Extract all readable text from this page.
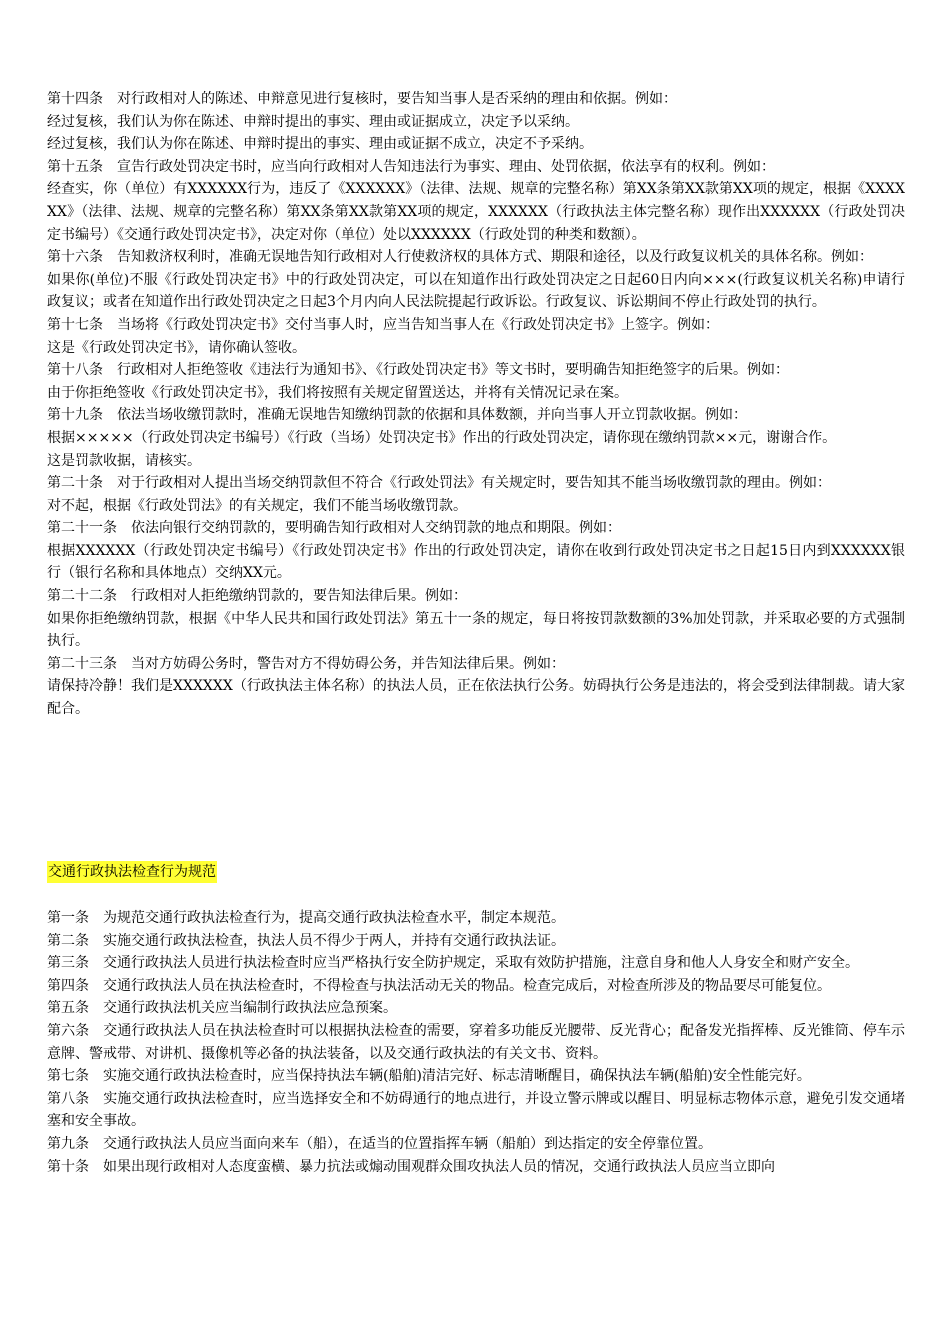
第十四条　对行政相对人的陈述、申辩意见进行复核时，要告知当事人是否采纳的理由和依据。例如：

经过复核，我们认为你在陈述、申辩时提出的事实、理由或证据成立，决定予以采纳。

经过复核，我们认为你在陈述、申辩时提出的事实、理由或证据不成立，决定不予采纳。

第十五条　宣告行政处罚决定书时，应当向行政相对人告知违法行为事实、理由、处罚依据，依法享有的权利。例如：

经查实，你（单位）有XXXXXX行为，违反了《XXXXXX》（法律、法规、规章的完整名称）第XX条第XX款第XX项的规定，根据《XXXXXX》（法律、法规、规章的完整名称）第XX条第XX款第XX项的规定，XXXXXX（行政执法主体完整名称）现作出XXXXXX（行政处罚决定书编号）《交通行政处罚决定书》，决定对你（单位）处以XXXXXX（行政处罚的种类和数额）。

第十六条　告知救济权利时，准确无误地告知行政相对人行使救济权的具体方式、期限和途径，以及行政复议机关的具体名称。例如：

如果你(单位)不服《行政处罚决定书》中的行政处罚决定，可以在知道作出行政处罚决定之日起60日内向×××(行政复议机关名称)申请行政复议；或者在知道作出行政处罚决定之日起3个月内向人民法院提起行政诉讼。行政复议、诉讼期间不停止行政处罚的执行。

第十七条　当场将《行政处罚决定书》交付当事人时，应当告知当事人在《行政处罚决定书》上签字。例如：

这是《行政处罚决定书》，请你确认签收。

第十八条　行政相对人拒绝签收《违法行为通知书》、《行政处罚决定书》等文书时，要明确告知拒绝签字的后果。例如：

由于你拒绝签收《行政处罚决定书》，我们将按照有关规定留置送达，并将有关情况记录在案。

第十九条　依法当场收缴罚款时，准确无误地告知缴纳罚款的依据和具体数额，并向当事人开立罚款收据。例如：

根据×××××（行政处罚决定书编号）《行政（当场）处罚决定书》作出的行政处罚决定，请你现在缴纳罚款××元，谢谢合作。

这是罚款收据，请核实。

第二十条　对于行政相对人提出当场交纳罚款但不符合《行政处罚法》有关规定时，要告知其不能当场收缴罚款的理由。例如：

对不起，根据《行政处罚法》的有关规定，我们不能当场收缴罚款。

第二十一条　依法向银行交纳罚款的，要明确告知行政相对人交纳罚款的地点和期限。例如：

根据XXXXXX（行政处罚决定书编号）《行政处罚决定书》作出的行政处罚决定，请你在收到行政处罚决定书之日起15日内到XXXXXX银行（银行名称和具体地点）交纳XX元。

第二十二条　行政相对人拒绝缴纳罚款的，要告知法律后果。例如：

如果你拒绝缴纳罚款，根据《中华人民共和国行政处罚法》第五十一条的规定，每日将按罚款数额的3%加处罚款，并采取必要的方式强制执行。

第二十三条　当对方妨碍公务时，警告对方不得妨碍公务，并告知法律后果。例如：

请保持冷静！我们是XXXXXX（行政执法主体名称）的执法人员，正在依法执行公务。妨碍执行公务是违法的，将会受到法律制裁。请大家配合。

交通行政执法检查行为规范

第一条　为规范交通行政执法检查行为，提高交通行政执法检查水平，制定本规范。

第二条　实施交通行政执法检查，执法人员不得少于两人，并持有交通行政执法证。

第三条　交通行政执法人员进行执法检查时应当严格执行安全防护规定，采取有效防护措施，注意自身和他人人身安全和财产安全。

第四条　交通行政执法人员在执法检查时，不得检查与执法活动无关的物品。检查完成后，对检查所涉及的物品要尽可能复位。

第五条　交通行政执法机关应当编制行政执法应急预案。

第六条　交通行政执法人员在执法检查时可以根据执法检查的需要，穿着多功能反光腰带、反光背心；配备发光指挥棒、反光锥筒、停车示意牌、警戒带、对讲机、摄像机等必备的执法装备，以及交通行政执法的有关文书、资料。

第七条　实施交通行政执法检查时，应当保持执法车辆(船舶)清洁完好、标志清晰醒目，确保执法车辆(船舶)安全性能完好。

第八条　实施交通行政执法检查时，应当选择安全和不妨碍通行的地点进行，并设立警示牌或以醒目、明显标志物体示意，避免引发交通堵塞和安全事故。

第九条　交通行政执法人员应当面向来车（船），在适当的位置指挥车辆（船舶）到达指定的安全停靠位置。

第十条　如果出现行政相对人态度蛮横、暴力抗法或煽动围观群众围攻执法人员的情况，交通行政执法人员应当立即向
